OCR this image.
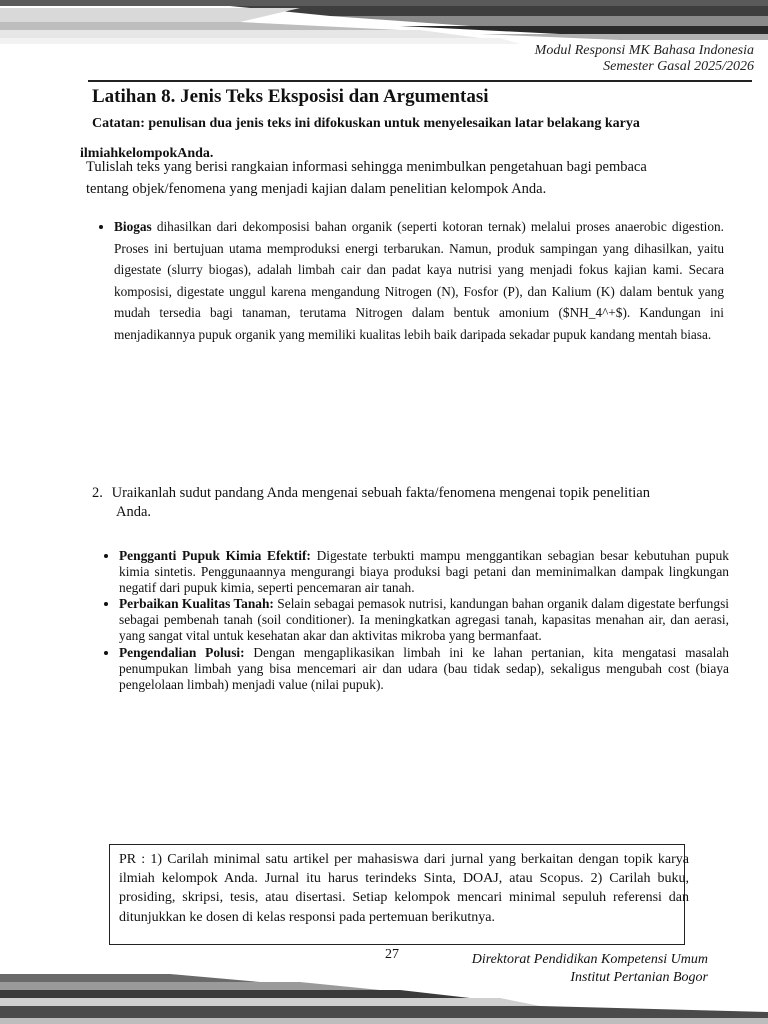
Modul Responsi MK Bahasa Indonesia
Semester Gasal 2025/2026
Latihan 8. Jenis Teks Eksposisi dan Argumentasi
Catatan: penulisan dua jenis teks ini difokuskan untuk menyelesaikan latar belakang karya
ilmiahkelompokAnda.
Tulislah teks yang berisi rangkaian informasi sehingga menimbulkan pengetahuan bagi pembaca tentang objek/fenomena yang menjadi kajian dalam penelitian kelompok Anda.
• Biogas dihasilkan dari dekomposisi bahan organik (seperti kotoran ternak) melalui proses anaerobic digestion. Proses ini bertujuan utama memproduksi energi terbarukan. Namun, produk sampingan yang dihasilkan, yaitu digestate (slurry biogas), adalah limbah cair dan padat kaya nutrisi yang menjadi fokus kajian kami. Secara komposisi, digestate unggul karena mengandung Nitrogen (N), Fosfor (P), dan Kalium (K) dalam bentuk yang mudah tersedia bagi tanaman, terutama Nitrogen dalam bentuk amonium ($NH_4^+$). Kandungan ini menjadikannya pupuk organik yang memiliki kualitas lebih baik daripada sekadar pupuk kandang mentah biasa.
2. Uraikanlah sudut pandang Anda mengenai sebuah fakta/fenomena mengenai topik penelitian
Anda.
• Pengganti Pupuk Kimia Efektif: Digestate terbukti mampu menggantikan sebagian besar kebutuhan pupuk kimia sintetis. Penggunaannya mengurangi biaya produksi bagi petani dan meminimalkan dampak lingkungan negatif dari pupuk kimia, seperti pencemaran air tanah.
• Perbaikan Kualitas Tanah: Selain sebagai pemasok nutrisi, kandungan bahan organik dalam digestate berfungsi sebagai pembenah tanah (soil conditioner). Ia meningkatkan agregasi tanah, kapasitas menahan air, dan aerasi, yang sangat vital untuk kesehatan akar dan aktivitas mikroba yang bermanfaat.
• Pengendalian Polusi: Dengan mengaplikasikan limbah ini ke lahan pertanian, kita mengatasi masalah penumpukan limbah yang bisa mencemari air dan udara (bau tidak sedap), sekaligus mengubah cost (biaya pengelolaan limbah) menjadi value (nilai pupuk).
PR : 1) Carilah minimal satu artikel per mahasiswa dari jurnal yang berkaitan dengan topik karya ilmiah kelompok Anda. Jurnal itu harus terindeks Sinta, DOAJ, atau Scopus. 2) Carilah buku, prosiding, skripsi, tesis, atau disertasi. Setiap kelompok mencari minimal sepuluh referensi dan ditunjukkan ke dosen di kelas responsi pada pertemuan berikutnya.
27	Direktorat Pendidikan Kompetensi Umum
Institut Pertanian Bogor
